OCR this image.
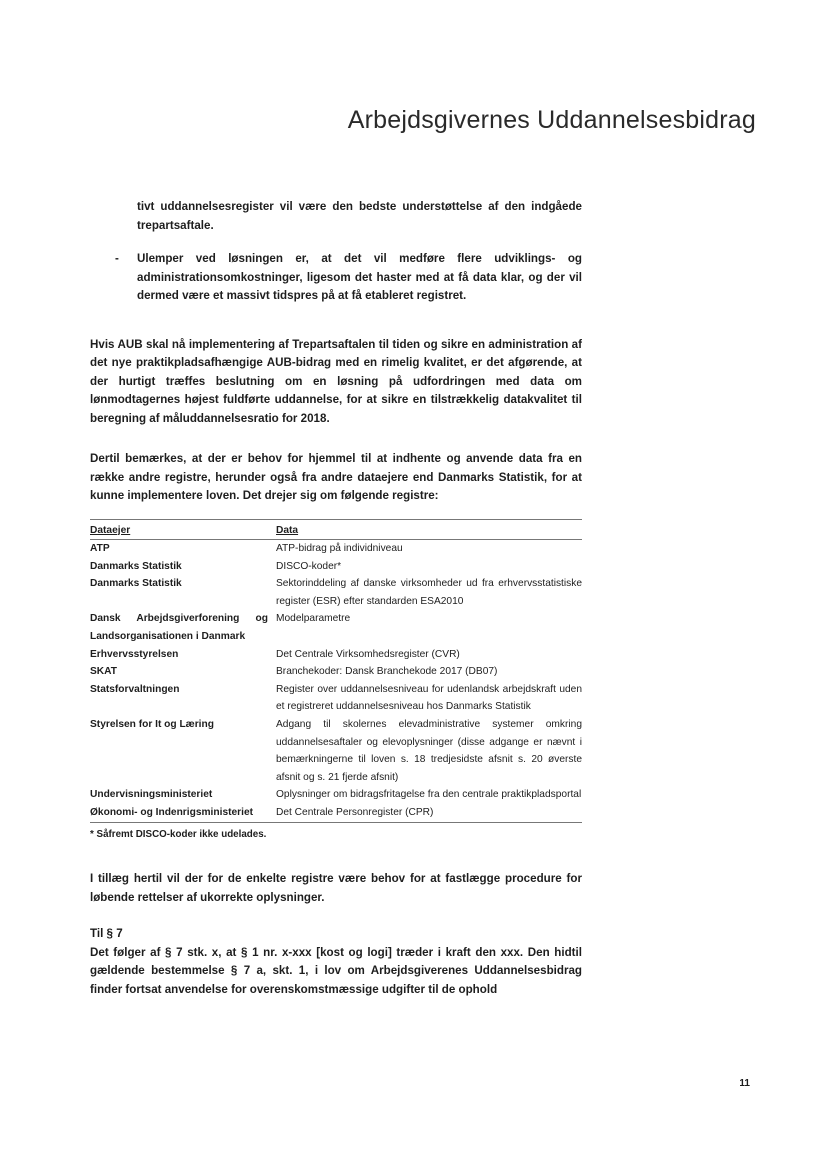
Arbejdsgivernes Uddannelsesbidrag

tivt uddannelsesregister vil være den bedste understøttelse af den indgåede trepartsaftale.

-	Ulemper ved løsningen er, at det vil medføre flere udviklings- og administrationsomkostninger, ligesom det haster med at få data klar, og der vil dermed være et massivt tidspres på at få etableret registret.

Hvis AUB skal nå implementering af Trepartsaftalen til tiden og sikre en administration af det nye praktikpladsafhængige AUB-bidrag med en rimelig kvalitet, er det afgørende, at der hurtigt træffes beslutning om en løsning på udfordringen med data om lønmodtagernes højest fuldførte uddannelse, for at sikre en tilstrækkelig datakvalitet til beregning af måluddannelsesratio for 2018.

Dertil bemærkes, at der er behov for hjemmel til at indhente og anvende data fra en række andre registre, herunder også fra andre dataejere end Danmarks Statistik, for at kunne implementere loven. Det drejer sig om følgende registre:

Dataejer	Data
ATP	ATP-bidrag på individniveau
Danmarks Statistik	DISCO-koder*
Danmarks Statistik	Sektorinddeling af danske virksomheder ud fra erhvervsstatistiske register (ESR) efter standarden ESA2010
Dansk Arbejdsgiverforening og Landsorganisationen i Danmark	Modelparametre
Erhvervsstyrelsen	Det Centrale Virksomhedsregister (CVR)
SKAT	Branchekoder: Dansk Branchekode 2017 (DB07)
Statsforvaltningen	Register over uddannelsesniveau for udenlandsk arbejdskraft uden et registreret uddannelsesniveau hos Danmarks Statistik
Styrelsen for It og Læring	Adgang til skolernes elevadministrative systemer omkring uddannelsesaftaler og elevoplysninger (disse adgange er nævnt i bemærkningerne til loven s. 18 tredjesidste afsnit s. 20 øverste afsnit og s. 21 fjerde afsnit)
Undervisningsministeriet	Oplysninger om bidragsfritagelse fra den centrale praktikpladsportal
Økonomi- og Indenrigsministeriet	Det Centrale Personregister (CPR)
* Såfremt DISCO-koder ikke udelades.

I tillæg hertil vil der for de enkelte registre være behov for at fastlægge procedure for løbende rettelser af ukorrekte oplysninger.

Til § 7

Det følger af § 7 stk. x, at § 1 nr. x-xxx [kost og logi] træder i kraft den xxx. Den hidtil gældende bestemmelse § 7 a, skt. 1, i lov om Arbejdsgiverenes Uddannelsesbidrag finder fortsat anvendelse for overenskomstmæssige udgifter til de ophold

11
